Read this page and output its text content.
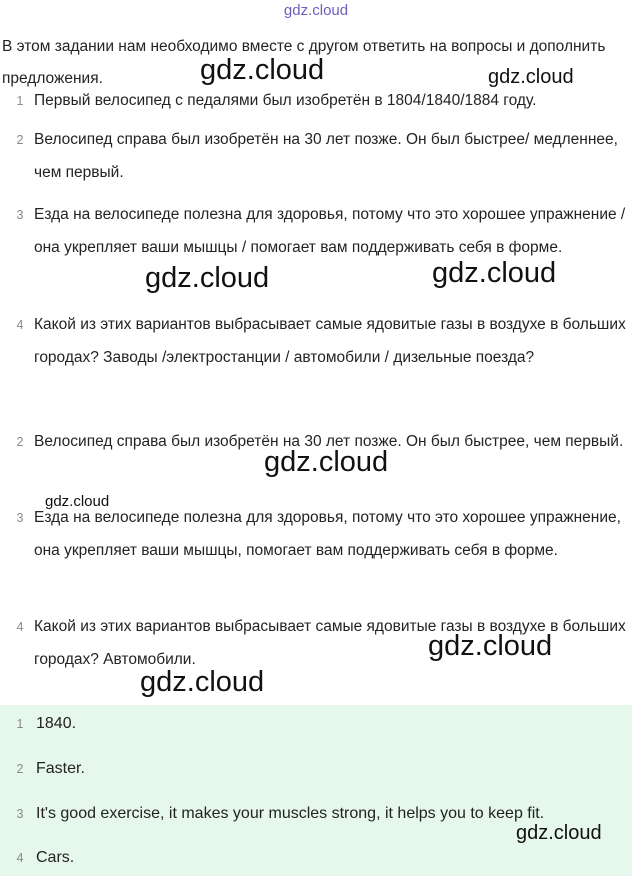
gdz.cloud
В этом задании нам необходимо вместе с другом ответить на вопросы и дополнить предложения.
1 Первый велосипед с педалями был изобретён в 1804/1840/1884 году.
2 Велосипед справа был изобретён на 30 лет позже. Он был быстрее/ медленнее, чем первый.
3 Езда на велосипеде полезна для здоровья, потому что это хорошее упражнение / она укрепляет ваши мышцы / помогает вам поддерживать себя в форме.
4 Какой из этих вариантов выбрасывает самые ядовитые газы в воздухе в больших городах? Заводы /электростанции / автомобили / дизельные поезда?
2 Велосипед справа был изобретён на 30 лет позже. Он был быстрее, чем первый.
3 Езда на велосипеде полезна для здоровья, потому что это хорошее упражнение, она укрепляет ваши мышцы, помогает вам поддерживать себя в форме.
4 Какой из этих вариантов выбрасывает самые ядовитые газы в воздухе в больших городах? Автомобили.
1 1840.
2 Faster.
3 It's good exercise, it makes your muscles strong, it helps you to keep fit.
4 Cars.
gdz.cloud	gdz.cloud
gdz.cloud	gdz.cloud
gdz.cloud
gdz.cloud
gdz.cloud
gdz.cloud
gdz.cloud
